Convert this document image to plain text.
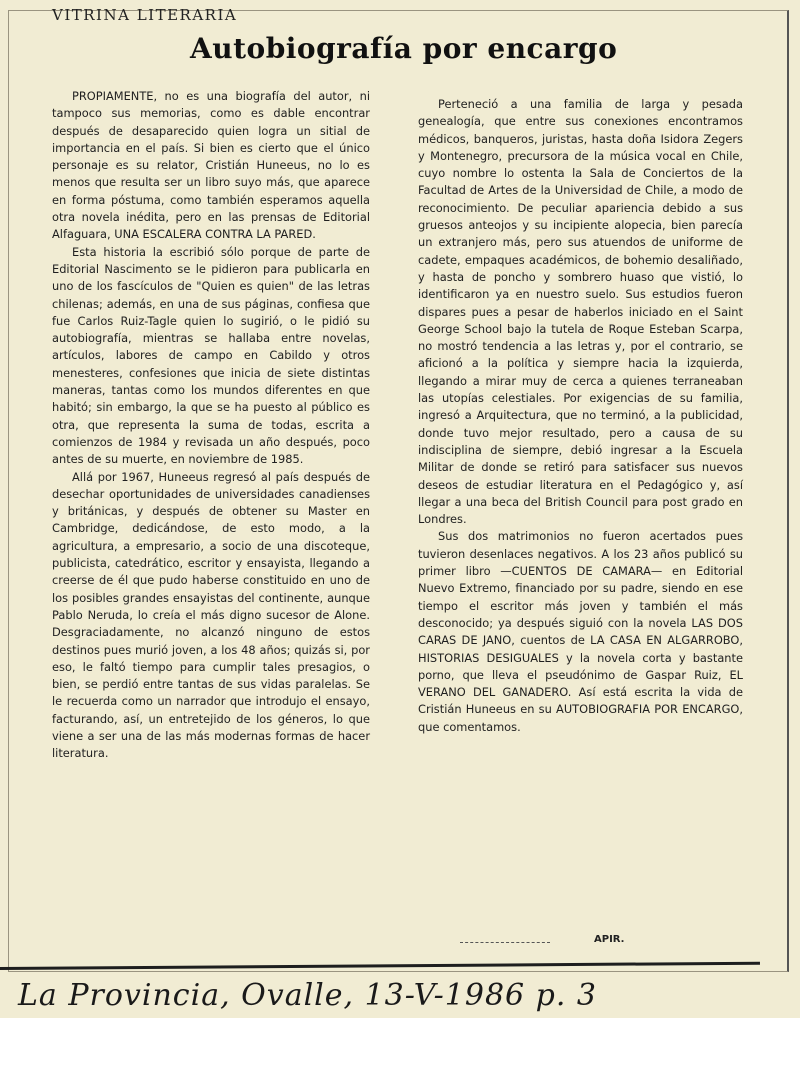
VITRINA LITERARIA
Autobiografía por encargo

PROPIAMENTE, no es una biografía del autor, ni tampoco sus memorias, como es dable encontrar después de desaparecido quien logra un sitial de importancia en el país. Si bien es cierto que el único personaje es su relator, Cristián Huneeus, no lo es menos que resulta ser un libro suyo más, que aparece en forma póstuma, como también esperamos aquella otra novela inédita, pero en las prensas de Editorial Alfaguara, UNA ESCALERA CONTRA LA PARED.

Esta historia la escribió sólo porque de parte de Editorial Nascimento se le pidieron para publicarla en uno de los fascículos de "Quien es quien" de las letras chilenas; además, en una de sus páginas, confiesa que fue Carlos Ruiz-Tagle quien lo sugirió, o le pidió su autobiografía, mientras se hallaba entre novelas, artículos, labores de campo en Cabildo y otros menesteres, confesiones que inicia de siete distintas maneras, tantas como los mundos diferentes en que habitó; sin embargo, la que se ha puesto al público es otra, que representa la suma de todas, escrita a comienzos de 1984 y revisada un año después, poco antes de su muerte, en noviembre de 1985.

Allá por 1967, Huneeus regresó al país después de desechar oportunidades de universidades canadienses y británicas, y después de obtener su Master en Cambridge, dedicándose, de esto modo, a la agricultura, a empresario, a socio de una discoteque, publicista, catedrático, escritor y ensayista, llegando a creerse de él que pudo haberse constituido en uno de los posibles grandes ensayistas del continente, aunque Pablo Neruda, lo creía el más digno sucesor de Alone. Desgraciadamente, no alcanzó ninguno de estos destinos pues murió joven, a los 48 años; quizás si, por eso, le faltó tiempo para cumplir tales presagios, o bien, se perdió entre tantas de sus vidas paralelas. Se le recuerda como un narrador que introdujo el ensayo, facturando, así, un entretejido de los géneros, lo que viene a ser una de las más modernas formas de hacer literatura.

Perteneció a una familia de larga y pesada genealogía, que entre sus conexiones encontramos médicos, banqueros, juristas, hasta doña Isidora Zegers y Montenegro, precursora de la música vocal en Chile, cuyo nombre lo ostenta la Sala de Conciertos de la Facultad de Artes de la Universidad de Chile, a modo de reconocimiento. De peculiar apariencia debido a sus gruesos anteojos y su incipiente alopecia, bien parecía un extranjero más, pero sus atuendos de uniforme de cadete, empaques académicos, de bohemio desaliñado, y hasta de poncho y sombrero huaso que vistió, lo identificaron ya en nuestro suelo. Sus estudios fueron dispares pues a pesar de haberlos iniciado en el Saint George School bajo la tutela de Roque Esteban Scarpa, no mostró tendencia a las letras y, por el contrario, se aficionó a la política y siempre hacia la izquierda, llegando a mirar muy de cerca a quienes terraneaban las utopías celestiales. Por exigencias de su familia, ingresó a Arquitectura, que no terminó, a la publicidad, donde tuvo mejor resultado, pero a causa de su indisciplina de siempre, debió ingresar a la Escuela Militar de donde se retiró para satisfacer sus nuevos deseos de estudiar literatura en el Pedagógico y, así llegar a una beca del British Council para post grado en Londres.

Sus dos matrimonios no fueron acertados pues tuvieron desenlaces negativos. A los 23 años publicó su primer libro —CUENTOS DE CAMARA— en Editorial Nuevo Extremo, financiado por su padre, siendo en ese tiempo el escritor más joven y también el más desconocido; ya después siguió con la novela LAS DOS CARAS DE JANO, cuentos de LA CASA EN ALGARROBO, HISTORIAS DESIGUALES y la novela corta y bastante porno, que lleva el pseudónimo de Gaspar Ruiz, EL VERANO DEL GANADERO. Así está escrita la vida de Cristián Huneeus en su AUTOBIOGRAFIA POR ENCARGO, que comentamos.

APIR.
La Provincia, Ovalle, 13-V-1986 p. 3
